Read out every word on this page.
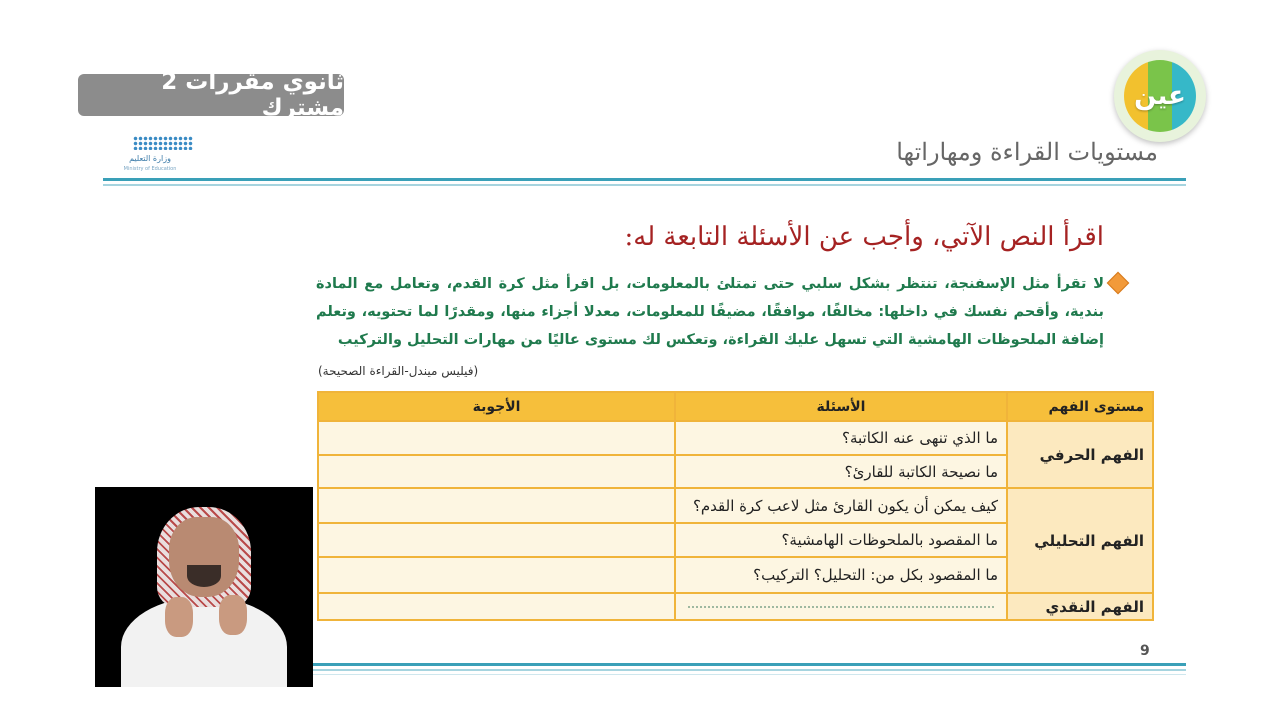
ثانوي مقررات 2 مشترك	عين
وزارة التعليم
Ministry of Education
مستويات القراءة ومهاراتها
اقرأ النص الآتي، وأجب عن الأسئلة التابعة له:
لا تقرأ مثل الإسفنجة، تنتظر بشكل سلبي حتى تمتلئ بالمعلومات، بل اقرأ مثل كرة القدم، وتعامل مع المادة بندية، وأقحم نفسك في داخلها: مخالفًا، موافقًا، مضيفًا للمعلومات، معدلا أجزاء منها، ومقدرًا لما تحتويه، وتعلم إضافة الملحوظات الهامشية التي تسهل عليك القراءة، وتعكس لك مستوى عاليًا من مهارات التحليل والتركيب
(فيليس ميندل-القراءة الصحيحة)
مستوى الفهم	الأسئلة	الأجوبة
الفهم الحرفي	ما الذي تنهى عنه الكاتبة؟	
	ما نصيحة الكاتبة للقارئ؟	
الفهم التحليلي	كيف يمكن أن يكون القارئ مثل لاعب كرة القدم؟	
	ما المقصود بالملحوظات الهامشية؟	
	ما المقصود بكل من: التحليل؟ التركيب؟	
الفهم النقدي	

9
